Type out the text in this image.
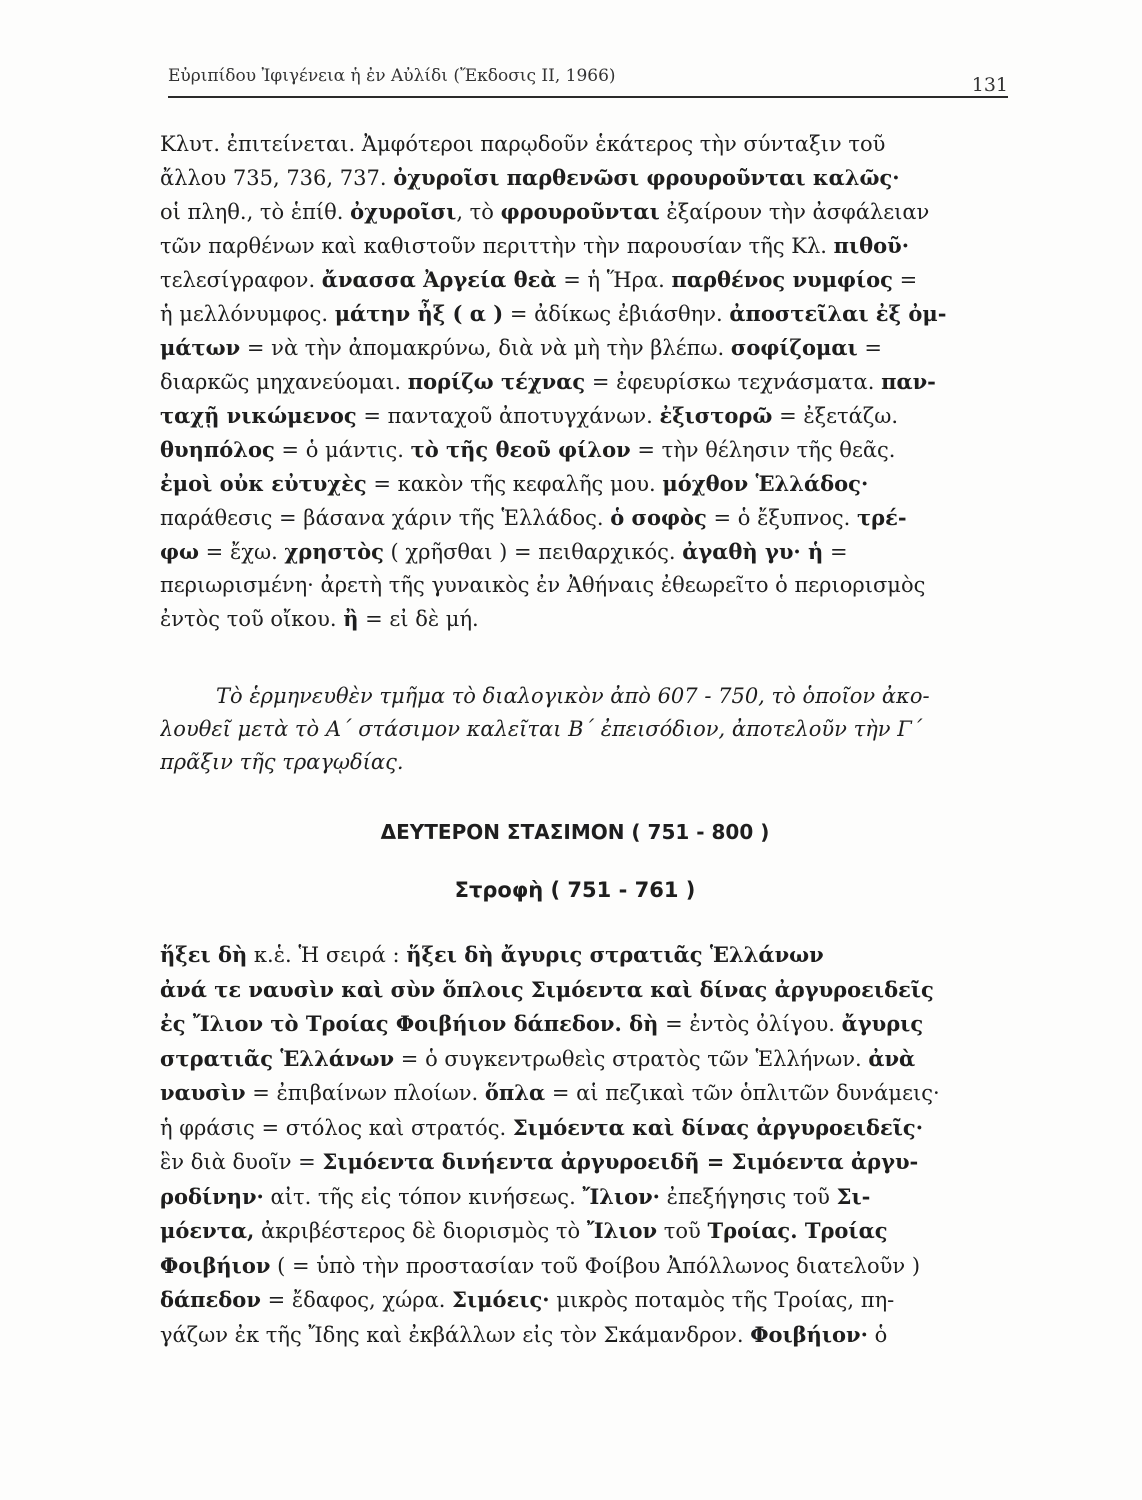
Εὐριπίδου Ἰφιγένεια ἡ ἐν Αὐλίδι (Ἔκδοσις II, 1966)	131
Κλυτ. ἐπιτείνεται. Ἀμφότεροι παρῳδοῦν ἑκάτερος τὴν σύνταξιν τοῦ
ἄλλου 735, 736, 737. ὀχυροῖσι παρθενῶσι φρουροῦνται καλῶς·
οἱ πληθ., τὸ ἑπίθ. ὀχυροῖσι, τὸ φρουροῦνται ἐξαίρουν τὴν ἀσφάλειαν
τῶν παρθένων καὶ καθιστοῦν περιττὴν τὴν παρουσίαν τῆς Κλ. πιθοῦ·
τελεσίγραφον. ἄνασσα Ἀργεία θεὰ = ἡ Ἥρα. παρθένος νυμφίος =
ἡ μελλόνυμφος. μάτην ἦξ ( α ) = ἀδίκως ἐβιάσθην. ἀποστεῖλαι ἐξ ὀμ-
μάτων = νὰ τὴν ἀπομακρύνω, διὰ νὰ μὴ τὴν βλέπω. σοφίζομαι =
διαρκῶς μηχανεύομαι. πορίζω τέχνας = ἐφευρίσκω τεχνάσματα. παν-
ταχῇ νικώμενος = πανταχοῦ ἀποτυγχάνων. ἐξιστορῶ = ἐξετάζω.
θυηπόλος = ὁ μάντις. τὸ τῆς θεοῦ φίλον = τὴν θέλησιν τῆς θεᾶς.
ἐμοὶ οὐκ εὐτυχὲς = κακὸν τῆς κεφαλῆς μου. μόχθον Ἑλλάδος·
παράθεσις = βάσανα χάριν τῆς Ἑλλάδος. ὁ σοφὸς = ὁ ἔξυπνος. τρέ-
φω = ἔχω. χρηστὸς ( χρῆσθαι ) = πειθαρχικός. ἀγαθὴ γυ· ἡ =
περιωρισμένη· ἀρετὴ τῆς γυναικὸς ἐν Ἀθήναις ἐθεωρεῖτο ὁ περιορισμὸς
ἐντὸς τοῦ οἴκου. ἢ = εἰ δὲ μή.
Τὸ ἑρμηνευθὲν τμῆμα τὸ διαλογικὸν ἀπὸ 607 - 750, τὸ ὁποῖον ἀκο-
λουθεῖ μετὰ τὸ Α΄ στάσιμον καλεῖται Β΄ ἐπεισόδιον, ἀποτελοῦν τὴν Γ΄
πρᾶξιν τῆς τραγῳδίας.
ΔΕΥΤΕΡΟΝ ΣΤΑΣΙΜΟΝ ( 751 - 800 )
Στροφὴ ( 751 - 761 )
ἥξει δὴ κ.ἑ. Ἡ σειρά : ἥξει δὴ ἄγυρις στρατιᾶς Ἑλλάνων
ἀνά τε ναυσὶν καὶ σὺν ὅπλοις Σιμόεντα καὶ δίνας ἀργυροειδεῖς
ἐς Ἴλιον τὸ Τροίας Φοιβήιον δάπεδον. δὴ = ἐντὸς ὀλίγου. ἄγυρις
στρατιᾶς Ἑλλάνων = ὁ συγκεντρωθεὶς στρατὸς τῶν Ἑλλήνων. ἀνὰ
ναυσὶν = ἐπιβαίνων πλοίων. ὅπλα = αἱ πεζικαὶ τῶν ὁπλιτῶν δυνάμεις·
ἡ φράσις = στόλος καὶ στρατός. Σιμόεντα καὶ δίνας ἀργυροειδεῖς·
ἓν διὰ δυοῖν = Σιμόεντα δινήεντα ἀργυροειδῆ = Σιμόεντα ἀργυ-
ροδίνην· αἰτ. τῆς εἰς τόπον κινήσεως. Ἴλιον· ἐπεξήγησις τοῦ Σι-
μόεντα, ἀκριβέστερος δὲ διορισμὸς τὸ Ἴλιον τοῦ Τροίας. Τροίας
Φοιβήιον ( = ὑπὸ τὴν προστασίαν τοῦ Φοίβου Ἀπόλλωνος διατελοῦν )
δάπεδον = ἔδαφος, χώρα. Σιμόεις· μικρὸς ποταμὸς τῆς Τροίας, πη-
γάζων ἐκ τῆς Ἴδης καὶ ἐκβάλλων εἰς τὸν Σκάμανδρον. Φοιβήιον· ὁ
